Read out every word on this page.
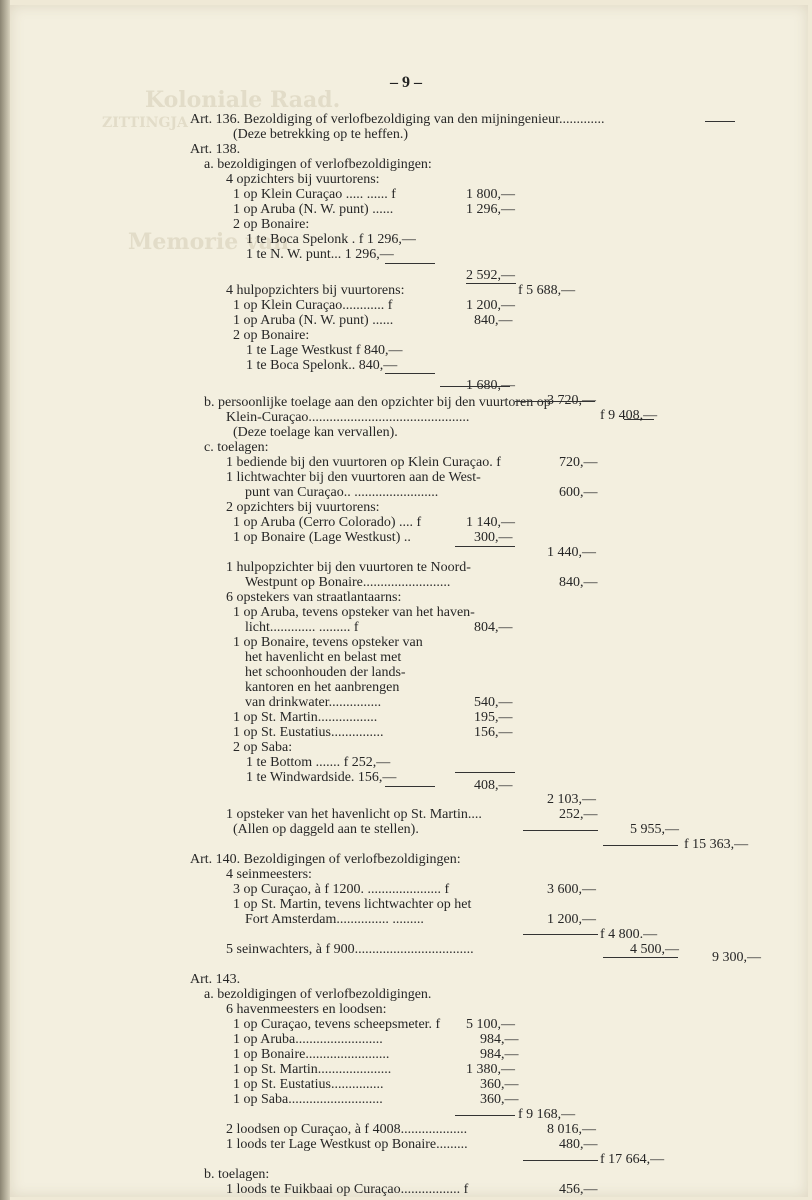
Koloniale Raad.
ZITTINGJA
Memorie van
– 9 –
Art. 136. Bezoldiging of verlofbezoldiging van den mijningenieur.............
(Deze betrekking op te heffen.)
Art. 138.
a. bezoldigingen of verlofbezoldigingen:
4 opzichters bij vuurtorens:
1 op Klein Curaçao ..... ...... f
1 op Aruba (N. W. punt) ......
2 op Bonaire:
1 te Boca Spelonk . f 1 296,—
1 te N. W. punt... 1 296,—
4 hulpopzichters bij vuurtorens:
1 op Klein Curaçao............ f
1 op Aruba (N. W. punt) ......
2 op Bonaire:
1 te Lage Westkust f 840,—
1 te Boca Spelonk.. 840,—
b. persoonlijke toelage aan den opzichter bij den vuurtoren op
Klein-Curaçao..............................................
(Deze toelage kan vervallen).
c. toelagen:
1 bediende bij den vuurtoren op Klein Curaçao. f
1 lichtwachter bij den vuurtoren aan de West-
punt van Curaçao.. ........................
2 opzichters bij vuurtorens:
1 op Aruba (Cerro Colorado) .... f
1 op Bonaire (Lage Westkust) ..
1 hulpopzichter bij den vuurtoren te Noord-
Westpunt op Bonaire.........................
6 opstekers van straatlantaarns:
1 op Aruba, tevens opsteker van het haven-
licht............. ......... f
1 op Bonaire, tevens opsteker van
het havenlicht en belast met
het schoonhouden der lands-
kantoren en het aanbrengen
van drinkwater...............
1 op St. Martin.................
1 op St. Eustatius...............
2 op Saba:
1 te Bottom ....... f 252,—
1 te Windwardside. 156,—
1 opsteker van het havenlicht op St. Martin....
(Allen op daggeld aan te stellen).
Art. 140. Bezoldigingen of verlofbezoldigingen:
4 seinmeesters:
3 op Curaçao, à f 1200. ..................... f
1 op St. Martin, tevens lichtwachter op het
Fort Amsterdam............... .........
5 seinwachters, à f 900..................................
Art. 143.
a. bezoldigingen of verlofbezoldigingen.
6 havenmeesters en loodsen:
1 op Curaçao, tevens scheepsmeter. f
1 op Aruba.........................
1 op Bonaire........................
1 op St. Martin.....................
1 op St. Eustatius...............
1 op Saba...........................
2 loodsen op Curaçao, à f 4008...................
1 loods ter Lage Westkust op Bonaire.........
b. toelagen:
1 loods te Fuikbaai op Curaçao................. f
1 800,—
1 296,—
2 592,—
f 5 688,—
1 200,—
840,—
1 680,—
3 720,—
f 9 408,—
720,—
600,—
1 140,—
300,—
1 440,—
840,—
804,—
540,—
195,—
156,—
408,—
2 103,—
252,—
5 955,—
f 15 363,—
3 600,—
1 200,—
f 4 800.—
4 500,—
9 300,—
5 100,—
984,—
984,—
1 380,—
360,—
360,—
f 9 168,—
8 016,—
480,—
f 17 664,—
456,—
